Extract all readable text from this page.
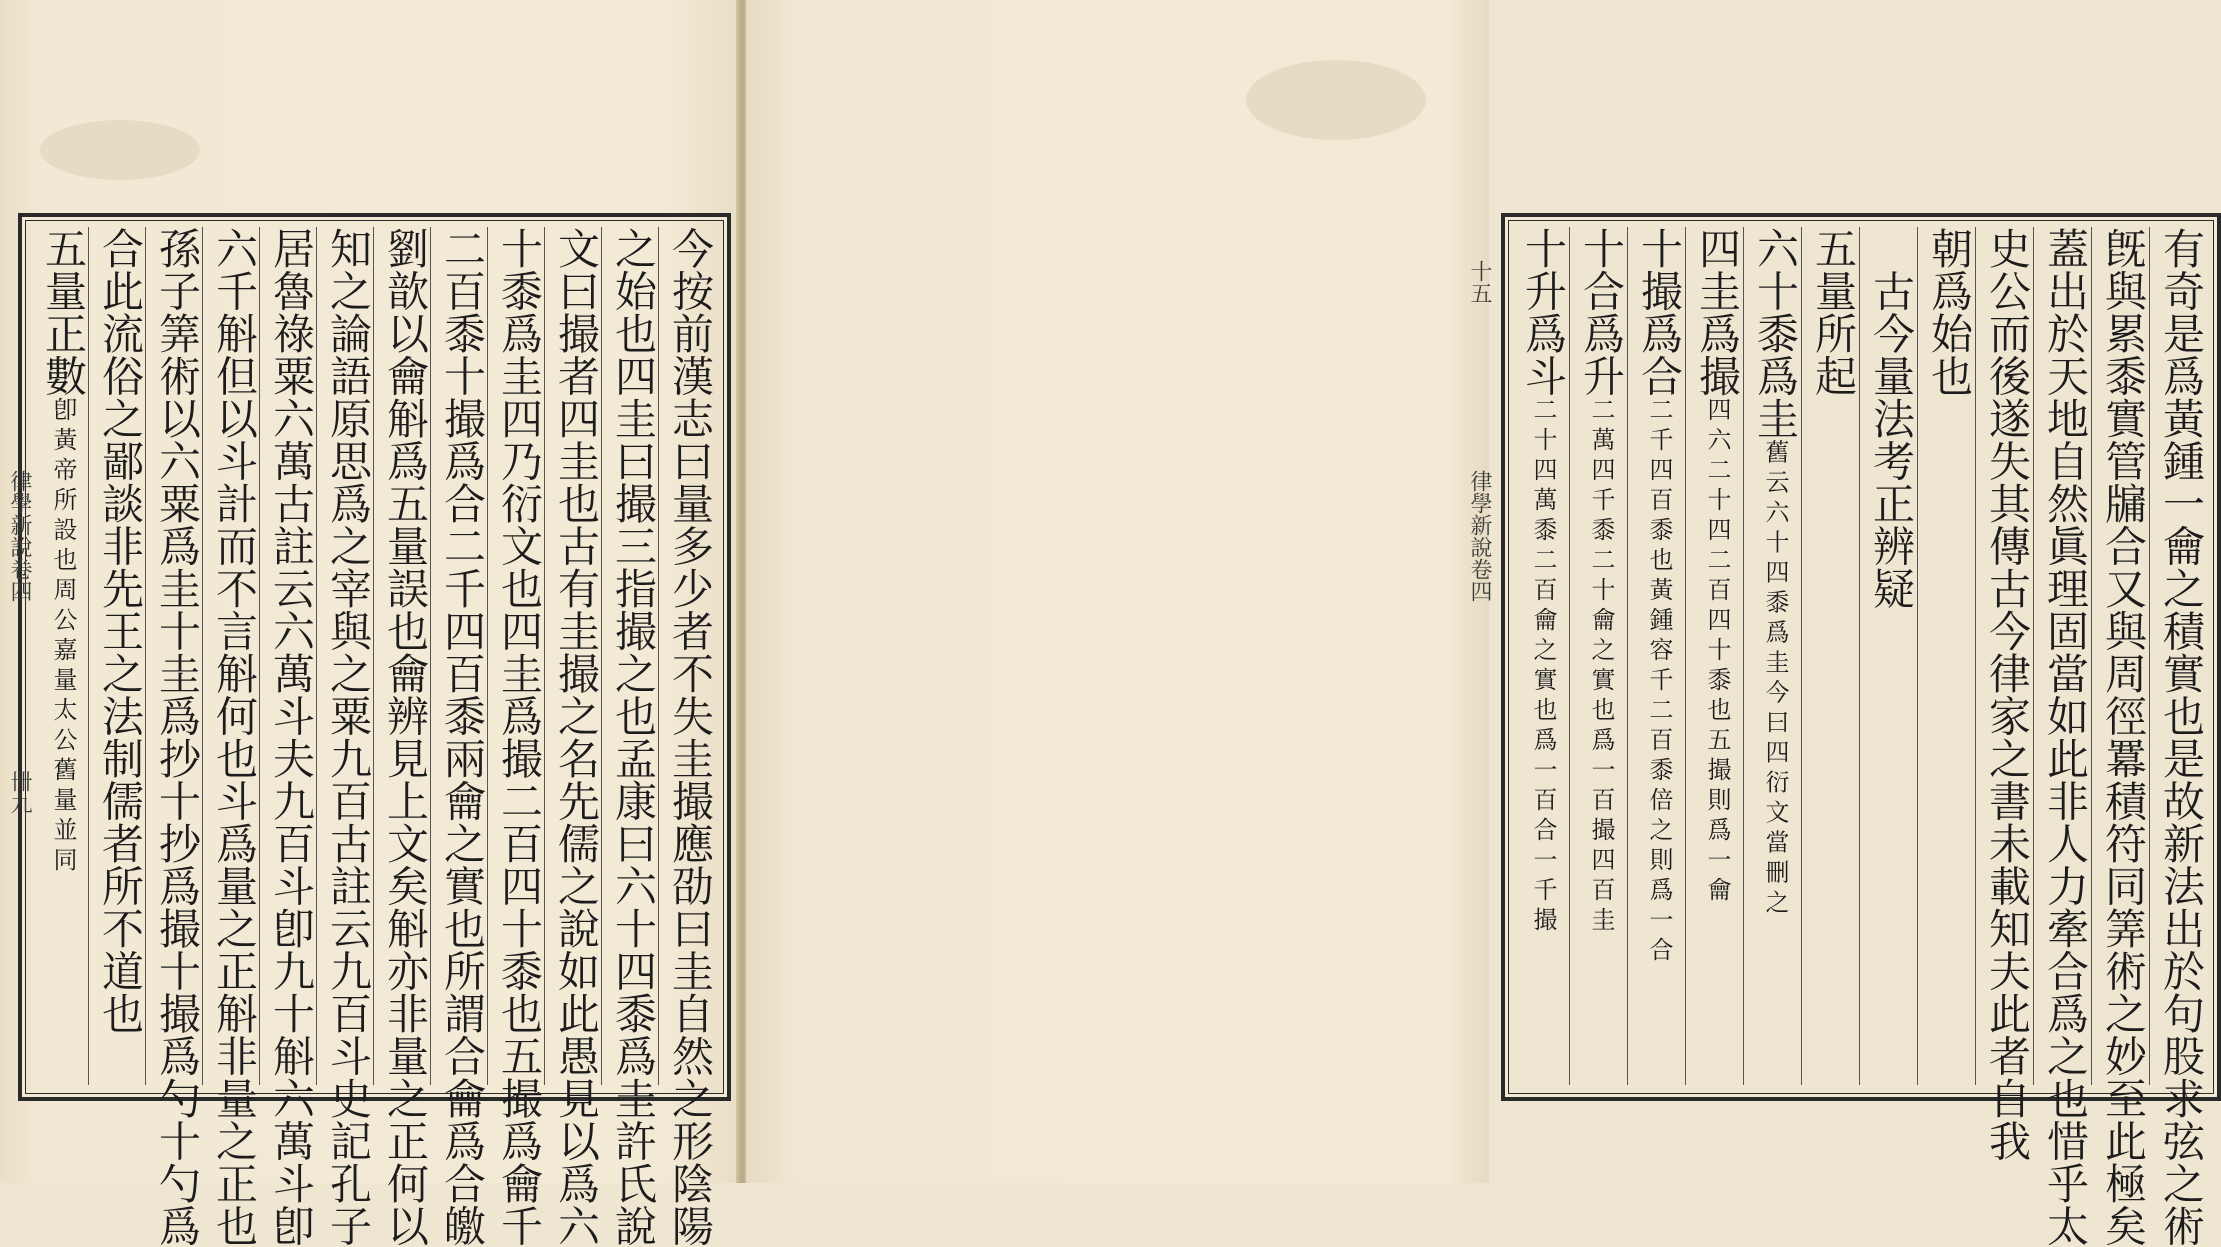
今按前漢志曰量多少者不失圭撮應劭曰圭自然之形陰陽
之始也四圭曰撮三指撮之也孟康曰六十四黍爲圭許氏說
文曰撮者四圭也古有圭撮之名先儒之說如此愚見以爲六
十黍爲圭四乃衍文也四圭爲撮二百四十黍也五撮爲龠千
二百黍十撮爲合二千四百黍兩龠之實也所謂合龠爲合皦
劉歆以龠斛爲五量誤也龠辨見上文矣斛亦非量之正何以
知之論語原思爲之宰與之粟九百古註云九百斗史記孔子
居魯祿粟六萬古註云六萬斗夫九百斗卽九十斛六萬斗卽
六千斛但以斗計而不言斛何也斗爲量之正斛非量之正也
孫子筭術以六粟爲圭十圭爲抄十抄爲撮十撮爲勺十勺爲
合此流俗之鄙談非先王之法制儒者所不道也
五量正數卽黃帝所設也周公嘉量太公舊量並同
律學新說卷四
卌九	有奇是爲黃鍾一龠之積實也是故新法出於句股求弦之術
旣與累黍實管牖合又與周徑羃積符同筭術之妙至此極矣
蓋出於天地自然眞理固當如此非人力牽合爲之也惜乎太
史公而後遂失其傳古今律家之書未載知夫此者自我
朝爲始也
　古今量法考正辨疑
五量所起
六十黍爲圭舊云六十四黍爲圭今曰四衍文當刪之
四圭爲撮四六二十四二百四十黍也五撮則爲一龠
十撮爲合二千四百黍也黃鍾容千二百黍倍之則爲一合
十合爲升二萬四千黍二十龠之實也爲一百撮四百圭
十升爲斗二十四萬黍二百龠之實也爲一百合一千撮
律學新說卷四
十五
